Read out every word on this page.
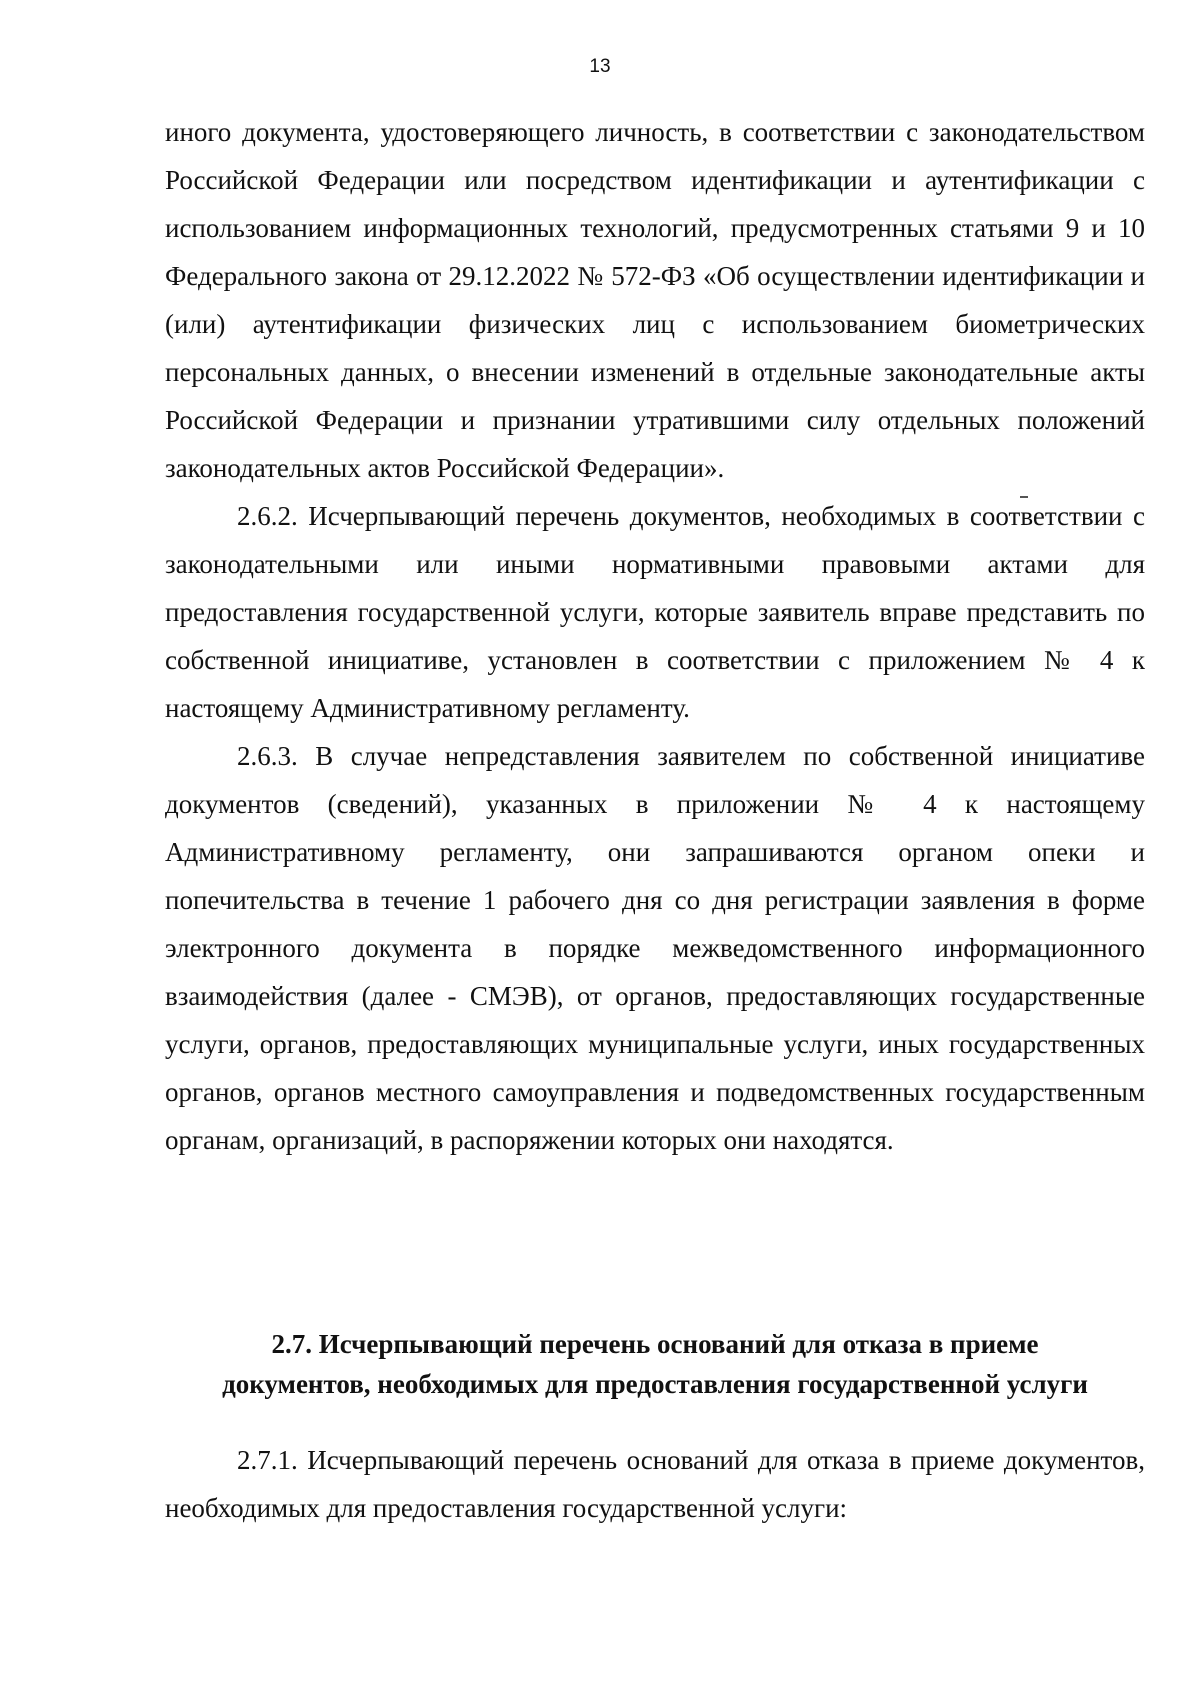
13

иного документа, удостоверяющего личность, в соответствии с законодательством Российской Федерации или посредством идентификации и аутентификации с использованием информационных технологий, предусмотренных статьями 9 и 10 Федерального закона от 29.12.2022 № 572-ФЗ «Об осуществлении идентификации и (или) аутентификации физических лиц с использованием биометрических персональных данных, о внесении изменений в отдельные законодательные акты Российской Федерации и признании утратившими силу отдельных положений законодательных актов Российской Федерации».

2.6.2. Исчерпывающий перечень документов, необходимых в соответствии с законодательными или иными нормативными правовыми актами для предоставления государственной услуги, которые заявитель вправе представить по собственной инициативе, установлен в соответствии с приложением № 4 к настоящему Административному регламенту.

2.6.3. В случае непредставления заявителем по собственной инициативе документов (сведений), указанных в приложении № 4 к настоящему Административному регламенту, они запрашиваются органом опеки и попечительства в течение 1 рабочего дня со дня регистрации заявления в форме электронного документа в порядке межведомственного информационного взаимодействия (далее - СМЭВ), от органов, предоставляющих государственные услуги, органов, предоставляющих муниципальные услуги, иных государственных органов, органов местного самоуправления и подведомственных государственным органам, организаций, в распоряжении которых они находятся.

2.7. Исчерпывающий перечень оснований для отказа в приеме
документов, необходимых для предоставления государственной услуги

2.7.1. Исчерпывающий перечень оснований для отказа в приеме документов, необходимых для предоставления государственной услуги:
